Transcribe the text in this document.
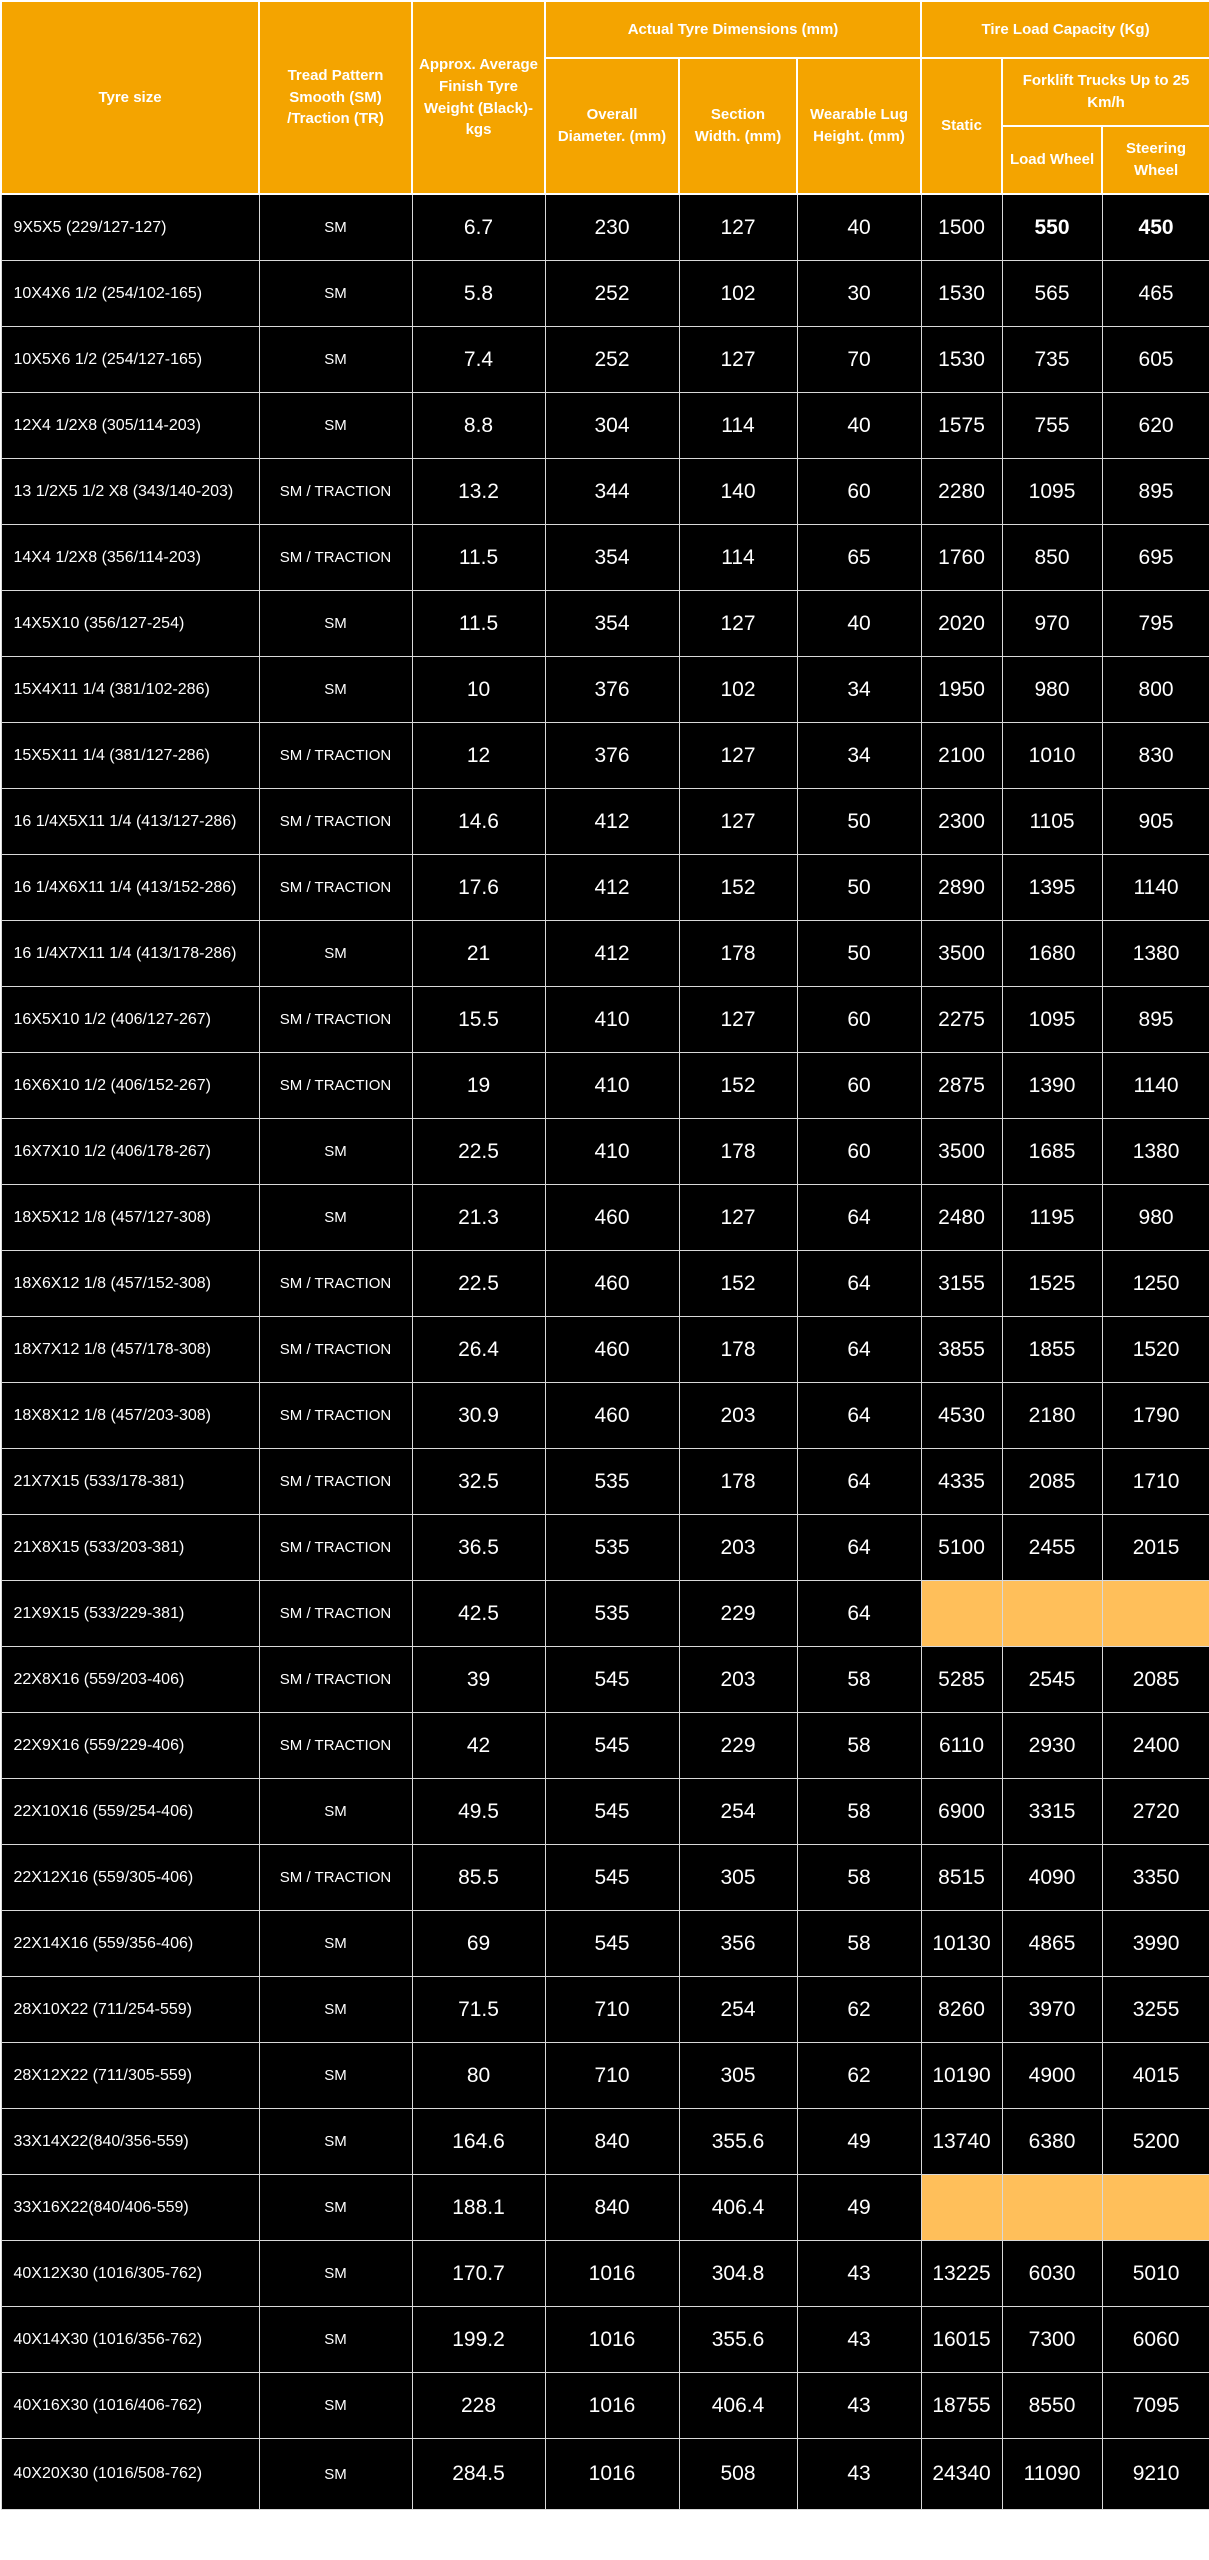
Tyre size	Tread Pattern Smooth (SM) /Traction (TR)	Approx. Average Finish Tyre Weight (Black)- kgs	Actual Tyre Dimensions (mm)			Tire Load Capacity (Kg)		
			Overall Diameter. (mm)	Section Width. (mm)	Wearable Lug Height. (mm)	Static	Forklift Trucks Up to 25 Km/h	
							Load Wheel	Steering Wheel
9X5X5 (229/127-127)	SM	6.7	230	127	40	1500	550	450
10X4X6 1/2 (254/102-165)	SM	5.8	252	102	30	1530	565	465
10X5X6 1/2 (254/127-165)	SM	7.4	252	127	70	1530	735	605
12X4 1/2X8 (305/114-203)	SM	8.8	304	114	40	1575	755	620
13 1/2X5 1/2 X8 (343/140-203)	SM / TRACTION	13.2	344	140	60	2280	1095	895
14X4 1/2X8 (356/114-203)	SM / TRACTION	11.5	354	114	65	1760	850	695
14X5X10 (356/127-254)	SM	11.5	354	127	40	2020	970	795
15X4X11 1/4 (381/102-286)	SM	10	376	102	34	1950	980	800
15X5X11 1/4 (381/127-286)	SM / TRACTION	12	376	127	34	2100	1010	830
16 1/4X5X11 1/4 (413/127-286)	SM / TRACTION	14.6	412	127	50	2300	1105	905
16 1/4X6X11 1/4 (413/152-286)	SM / TRACTION	17.6	412	152	50	2890	1395	1140
16 1/4X7X11 1/4 (413/178-286)	SM	21	412	178	50	3500	1680	1380
16X5X10 1/2 (406/127-267)	SM / TRACTION	15.5	410	127	60	2275	1095	895
16X6X10 1/2 (406/152-267)	SM / TRACTION	19	410	152	60	2875	1390	1140
16X7X10 1/2 (406/178-267)	SM	22.5	410	178	60	3500	1685	1380
18X5X12 1/8 (457/127-308)	SM	21.3	460	127	64	2480	1195	980
18X6X12 1/8 (457/152-308)	SM / TRACTION	22.5	460	152	64	3155	1525	1250
18X7X12 1/8 (457/178-308)	SM / TRACTION	26.4	460	178	64	3855	1855	1520
18X8X12 1/8 (457/203-308)	SM / TRACTION	30.9	460	203	64	4530	2180	1790
21X7X15 (533/178-381)	SM / TRACTION	32.5	535	178	64	4335	2085	1710
21X8X15 (533/203-381)	SM / TRACTION	36.5	535	203	64	5100	2455	2015
21X9X15 (533/229-381)	SM / TRACTION	42.5	535	229	64			
22X8X16 (559/203-406)	SM / TRACTION	39	545	203	58	5285	2545	2085
22X9X16 (559/229-406)	SM / TRACTION	42	545	229	58	6110	2930	2400
22X10X16 (559/254-406)	SM	49.5	545	254	58	6900	3315	2720
22X12X16 (559/305-406)	SM / TRACTION	85.5	545	305	58	8515	4090	3350
22X14X16 (559/356-406)	SM	69	545	356	58	10130	4865	3990
28X10X22 (711/254-559)	SM	71.5	710	254	62	8260	3970	3255
28X12X22 (711/305-559)	SM	80	710	305	62	10190	4900	4015
33X14X22(840/356-559)	SM	164.6	840	355.6	49	13740	6380	5200
33X16X22(840/406-559)	SM	188.1	840	406.4	49			
40X12X30 (1016/305-762)	SM	170.7	1016	304.8	43	13225	6030	5010
40X14X30 (1016/356-762)	SM	199.2	1016	355.6	43	16015	7300	6060
40X16X30 (1016/406-762)	SM	228	1016	406.4	43	18755	8550	7095
40X20X30 (1016/508-762)	SM	284.5	1016	508	43	24340	11090	9210
